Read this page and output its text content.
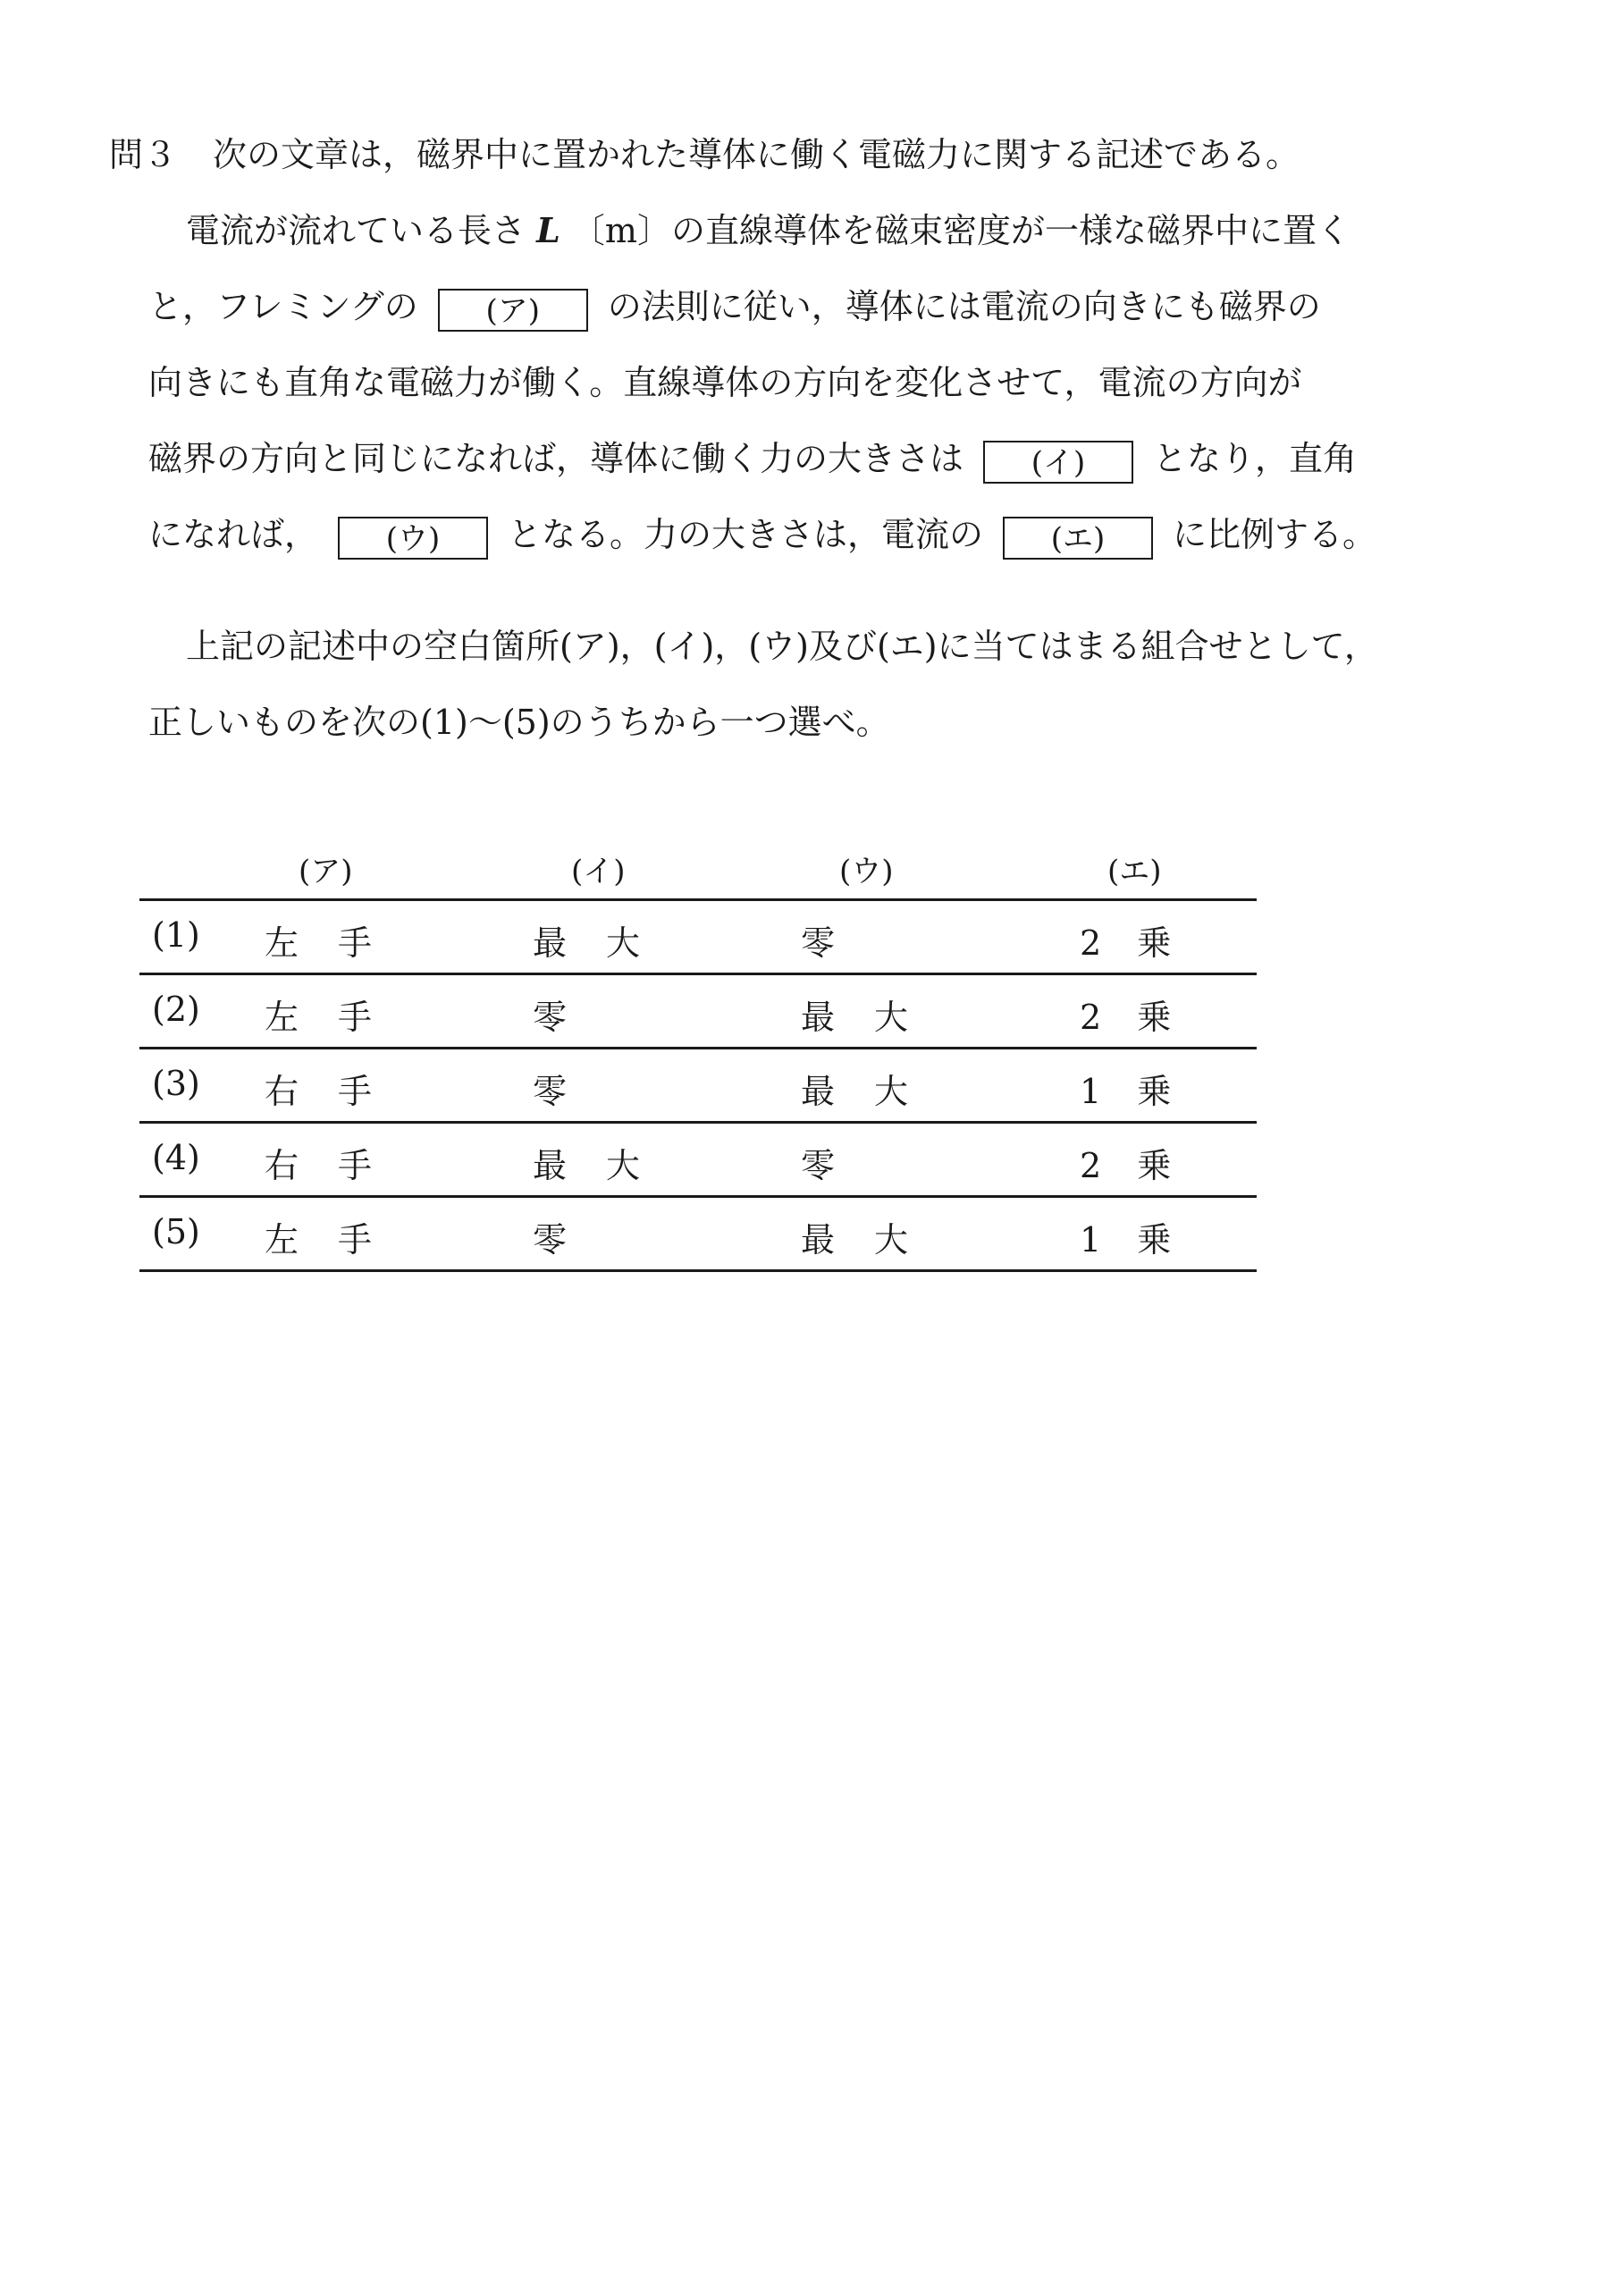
問３ 次の文章は，磁界中に置かれた導体に働く電磁力に関する記述である。
電流が流れている長さ L 〔m〕の直線導体を磁束密度が一様な磁界中に置く
と，フレミングの (ア) の法則に従い，導体には電流の向きにも磁界の
向きにも直角な電磁力が働く。直線導体の方向を変化させて，電流の方向が
磁界の方向と同じになれば，導体に働く力の大きさは (イ) となり，直角
になれば， (ウ) となる。力の大きさは，電流の (エ) に比例する。
上記の記述中の空白箇所(ア)，(イ)，(ウ)及び(エ)に当てはまる組合せとして，
正しいものを次の(1)～(5)のうちから一つ選べ。
(ア)	(イ)	(ウ)	(エ)
(1) 左手	最大	零	2 乗
(2) 左手	零	最大	2 乗
(3) 右手	零	最大	1 乗
(4) 右手	最大	零	2 乗
(5) 左手	零	最大	1 乗
